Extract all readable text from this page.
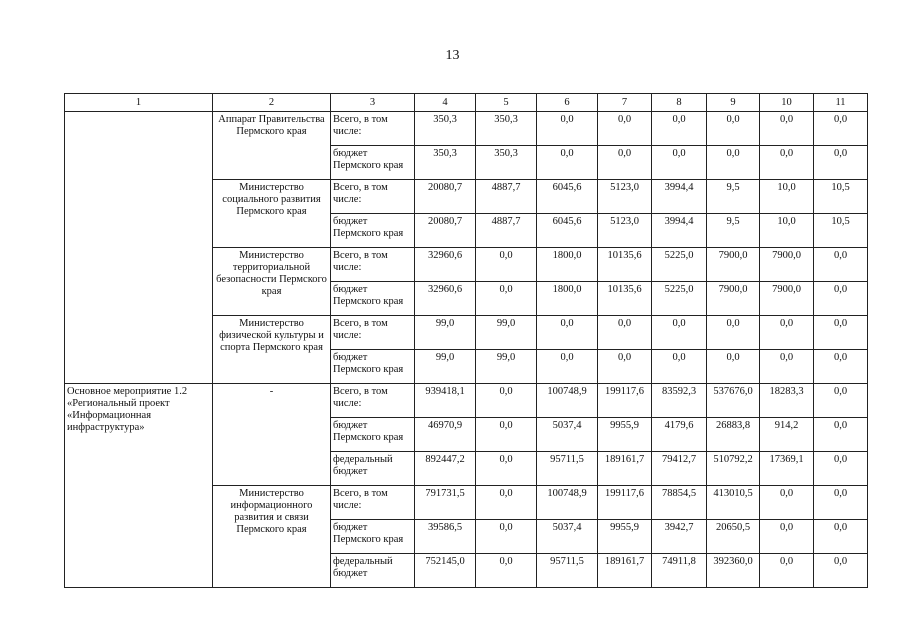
13
1	2	3	4	5	6	7	8	9	10	11
	Аппарат Правительства Пермского края	Всего, в том числе:	350,3	350,3	0,0	0,0	0,0	0,0	0,0	0,0
		бюджет Пермского края	350,3	350,3	0,0	0,0	0,0	0,0	0,0	0,0
	Министерство социального развития Пермского края	Всего, в том числе:	20080,7	4887,7	6045,6	5123,0	3994,4	9,5	10,0	10,5
		бюджет Пермского края	20080,7	4887,7	6045,6	5123,0	3994,4	9,5	10,0	10,5
	Министерство территориальной безопасности Пермского края	Всего, в том числе:	32960,6	0,0	1800,0	10135,6	5225,0	7900,0	7900,0	0,0
		бюджет Пермского края	32960,6	0,0	1800,0	10135,6	5225,0	7900,0	7900,0	0,0
	Министерство физической культуры и спорта Пермского края	Всего, в том числе:	99,0	99,0	0,0	0,0	0,0	0,0	0,0	0,0
		бюджет Пермского края	99,0	99,0	0,0	0,0	0,0	0,0	0,0	0,0
Основное мероприятие 1.2 «Региональный проект «Информационная инфраструктура»	-	Всего, в том числе:	939418,1	0,0	100748,9	199117,6	83592,3	537676,0	18283,3	0,0
		бюджет Пермского края	46970,9	0,0	5037,4	9955,9	4179,6	26883,8	914,2	0,0
		федеральный бюджет	892447,2	0,0	95711,5	189161,7	79412,7	510792,2	17369,1	0,0
	Министерство информационного развития и связи Пермского края	Всего, в том числе:	791731,5	0,0	100748,9	199117,6	78854,5	413010,5	0,0	0,0
		бюджет Пермского края	39586,5	0,0	5037,4	9955,9	3942,7	20650,5	0,0	0,0
		федеральный бюджет	752145,0	0,0	95711,5	189161,7	74911,8	392360,0	0,0	0,0
